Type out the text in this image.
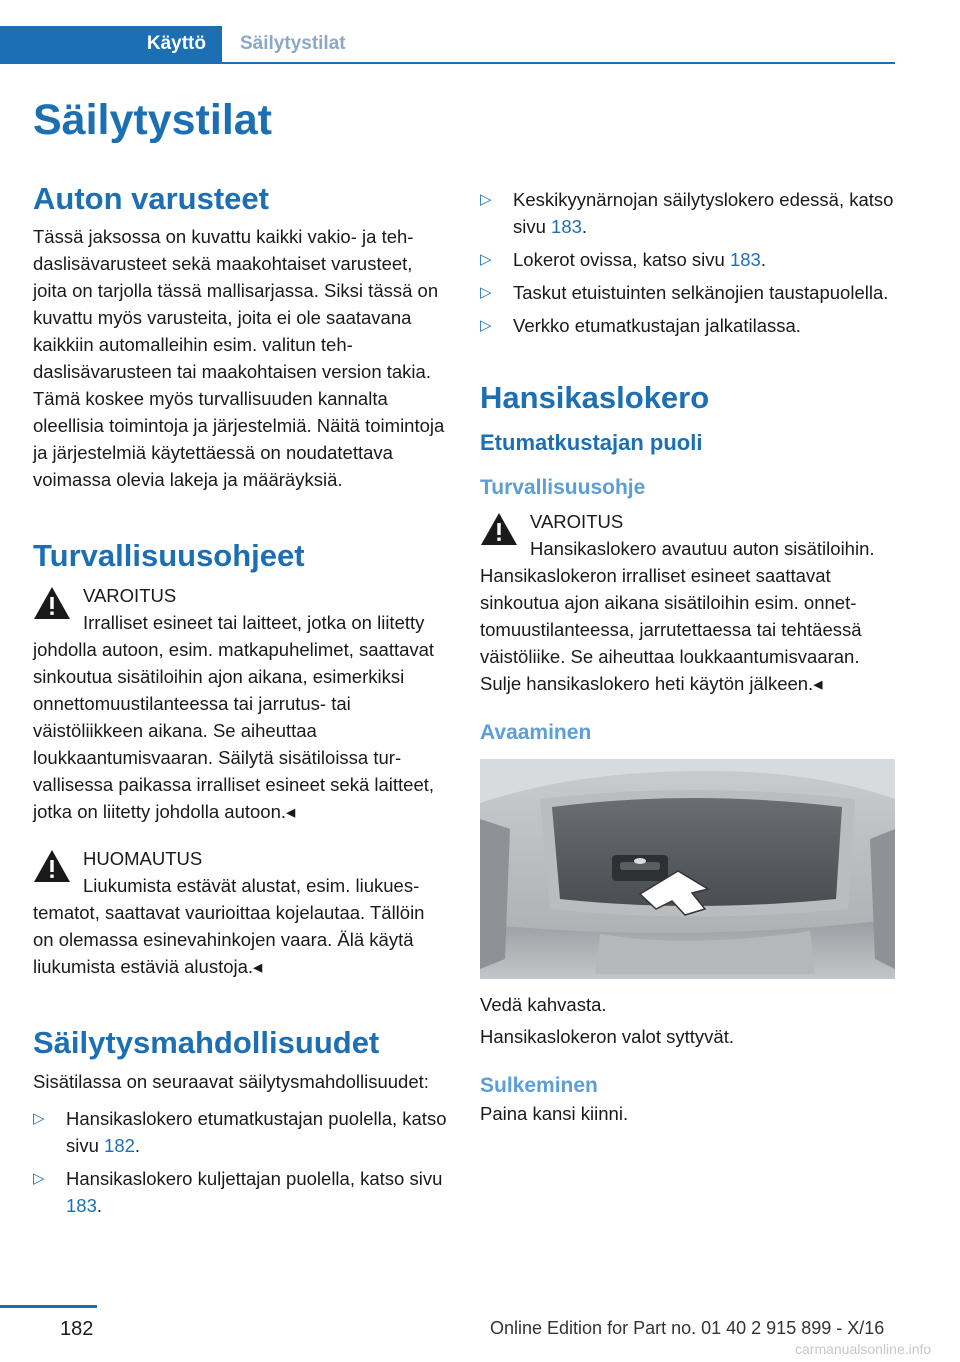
Käyttö Säilytystilat
Säilytystilat
Auton varusteet

Tässä jaksossa on kuvattu kaikki vakio- ja tehdaslisävarusteet sekä maakohtaiset varusteet, joita on tarjolla tässä mallisarjassa. Siksi tässä on kuvattu myös varusteita, joita ei ole saatavana kaikkiin automalleihin esim. valitun tehdaslisävarusteen tai maakohtaisen version takia. Tämä koskee myös turvallisuuden kannalta oleellisia toimintoja ja järjestelmiä. Näitä toimintoja ja järjestelmiä käytettäessä on noudatettava voimassa olevia lakeja ja määräyksiä.

Turvallisuusohjeet
VAROITUS

Irralliset esineet tai laitteet, jotka on liitetty johdolla autoon, esim. matkapuhelimet, saattavat sinkoutua sisätiloihin ajon aikana, esimerkiksi onnettomuustilanteessa tai jarrutus- tai väistöliikkeen aikana. Se aiheuttaa loukkaantumisvaaran. Säilytä sisätiloissa turvallisessa paikassa irralliset esineet sekä laitteet, jotka on liitetty johdolla autoon.◂

HUOMAUTUS

Liukumista estävät alustat, esim. liukuestematot, saattavat vaurioittaa kojelautaa. Tällöin on olemassa esinevahinkojen vaara. Älä käytä liukumista estäviä alustoja.◂

Säilytysmahdollisuudet

Sisätilassa on seuraavat säilytysmahdollisuudet:

▷ Hansikaslokero etumatkustajan puolella, katso sivu 182.
▷ Hansikaslokero kuljettajan puolella, katso sivu 183.
▷ Keskikyynärnojan säilytyslokero edessä, katso sivu 183.
▷ Lokerot ovissa, katso sivu 183.
▷ Taskut etuistuinten selkänojien taustapuolella.
▷ Verkko etumatkustajan jalkatilassa.
Hansikaslokero
Etumatkustajan puoli
Turvallisuusohje
VAROITUS

Hansikaslokero avautuu auton sisätiloihin. Hansikaslokeron irralliset esineet saattavat sinkoutua ajon aikana sisätiloihin esim. onnettomuustilanteessa, jarrutettaessa tai tehtäessä väistöliike. Se aiheuttaa loukkaantumisvaaran. Sulje hansikaslokero heti käytön jälkeen.◂

Avaaminen

Vedä kahvasta.

Hansikaslokeron valot syttyvät.

Sulkeminen

Paina kansi kiinni.

182	Online Edition for Part no. 01 40 2 915 899 - X/16
carmanualsonline.info
